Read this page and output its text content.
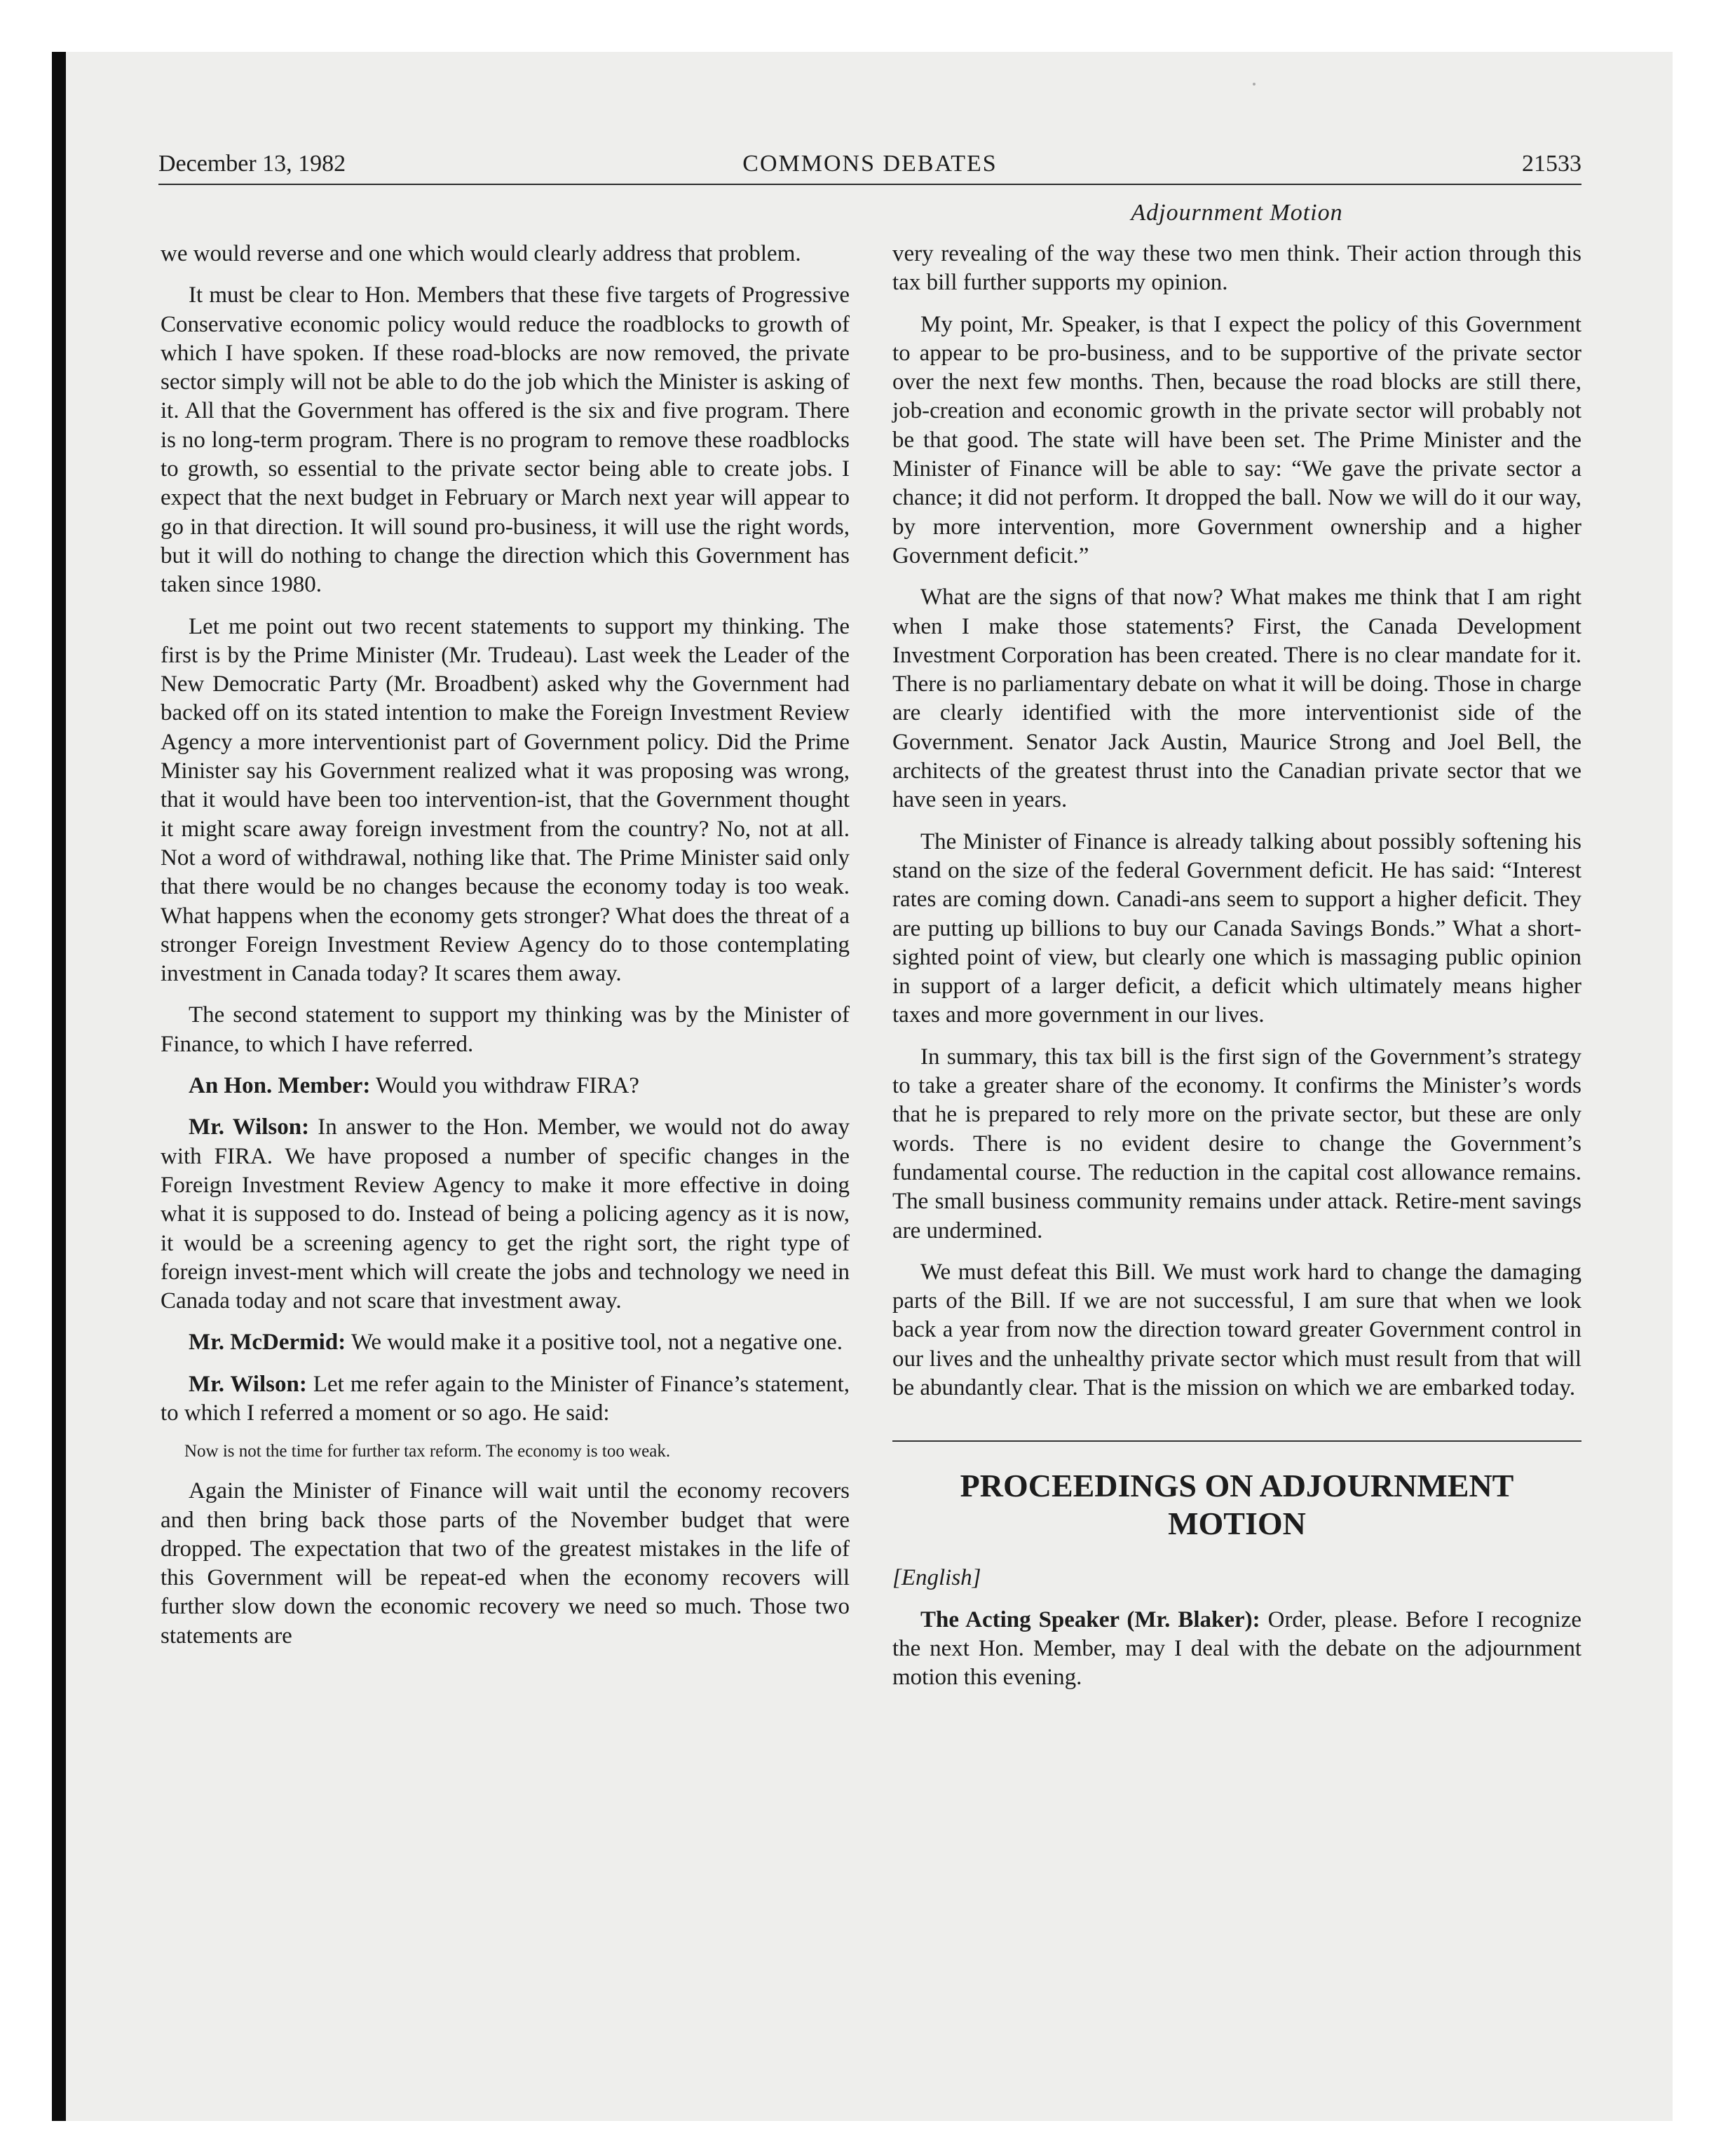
December 13, 1982	COMMONS DEBATES	21533
Adjournment Motion

we would reverse and one which would clearly address that problem.

It must be clear to Hon. Members that these five targets of Progressive Conservative economic policy would reduce the roadblocks to growth of which I have spoken. If these road-blocks are now removed, the private sector simply will not be able to do the job which the Minister is asking of it. All that the Government has offered is the six and five program. There is no long-term program. There is no program to remove these roadblocks to growth, so essential to the private sector being able to create jobs. I expect that the next budget in February or March next year will appear to go in that direction. It will sound pro-business, it will use the right words, but it will do nothing to change the direction which this Government has taken since 1980.

Let me point out two recent statements to support my thinking. The first is by the Prime Minister (Mr. Trudeau). Last week the Leader of the New Democratic Party (Mr. Broadbent) asked why the Government had backed off on its stated intention to make the Foreign Investment Review Agency a more interventionist part of Government policy. Did the Prime Minister say his Government realized what it was proposing was wrong, that it would have been too intervention-ist, that the Government thought it might scare away foreign investment from the country? No, not at all. Not a word of withdrawal, nothing like that. The Prime Minister said only that there would be no changes because the economy today is too weak. What happens when the economy gets stronger? What does the threat of a stronger Foreign Investment Review Agency do to those contemplating investment in Canada today? It scares them away.

The second statement to support my thinking was by the Minister of Finance, to which I have referred.

An Hon. Member: Would you withdraw FIRA?

Mr. Wilson: In answer to the Hon. Member, we would not do away with FIRA. We have proposed a number of specific changes in the Foreign Investment Review Agency to make it more effective in doing what it is supposed to do. Instead of being a policing agency as it is now, it would be a screening agency to get the right sort, the right type of foreign invest-ment which will create the jobs and technology we need in Canada today and not scare that investment away.

Mr. McDermid: We would make it a positive tool, not a negative one.

Mr. Wilson: Let me refer again to the Minister of Finance’s statement, to which I referred a moment or so ago. He said:

Now is not the time for further tax reform. The economy is too weak.

Again the Minister of Finance will wait until the economy recovers and then bring back those parts of the November budget that were dropped. The expectation that two of the greatest mistakes in the life of this Government will be repeat-ed when the economy recovers will further slow down the economic recovery we need so much. Those two statements are

very revealing of the way these two men think. Their action through this tax bill further supports my opinion.

My point, Mr. Speaker, is that I expect the policy of this Government to appear to be pro-business, and to be supportive of the private sector over the next few months. Then, because the road blocks are still there, job-creation and economic growth in the private sector will probably not be that good. The state will have been set. The Prime Minister and the Minister of Finance will be able to say: “We gave the private sector a chance; it did not perform. It dropped the ball. Now we will do it our way, by more intervention, more Government ownership and a higher Government deficit.”

What are the signs of that now? What makes me think that I am right when I make those statements? First, the Canada Development Investment Corporation has been created. There is no clear mandate for it. There is no parliamentary debate on what it will be doing. Those in charge are clearly identified with the more interventionist side of the Government. Senator Jack Austin, Maurice Strong and Joel Bell, the architects of the greatest thrust into the Canadian private sector that we have seen in years.

The Minister of Finance is already talking about possibly softening his stand on the size of the federal Government deficit. He has said: “Interest rates are coming down. Canadi-ans seem to support a higher deficit. They are putting up billions to buy our Canada Savings Bonds.” What a short-sighted point of view, but clearly one which is massaging public opinion in support of a larger deficit, a deficit which ultimately means higher taxes and more government in our lives.

In summary, this tax bill is the first sign of the Government’s strategy to take a greater share of the economy. It confirms the Minister’s words that he is prepared to rely more on the private sector, but these are only words. There is no evident desire to change the Government’s fundamental course. The reduction in the capital cost allowance remains. The small business community remains under attack. Retire-ment savings are undermined.

We must defeat this Bill. We must work hard to change the damaging parts of the Bill. If we are not successful, I am sure that when we look back a year from now the direction toward greater Government control in our lives and the unhealthy private sector which must result from that will be abundantly clear. That is the mission on which we are embarked today.

PROCEEDINGS ON ADJOURNMENT MOTION

[English]

The Acting Speaker (Mr. Blaker): Order, please. Before I recognize the next Hon. Member, may I deal with the debate on the adjournment motion this evening.
